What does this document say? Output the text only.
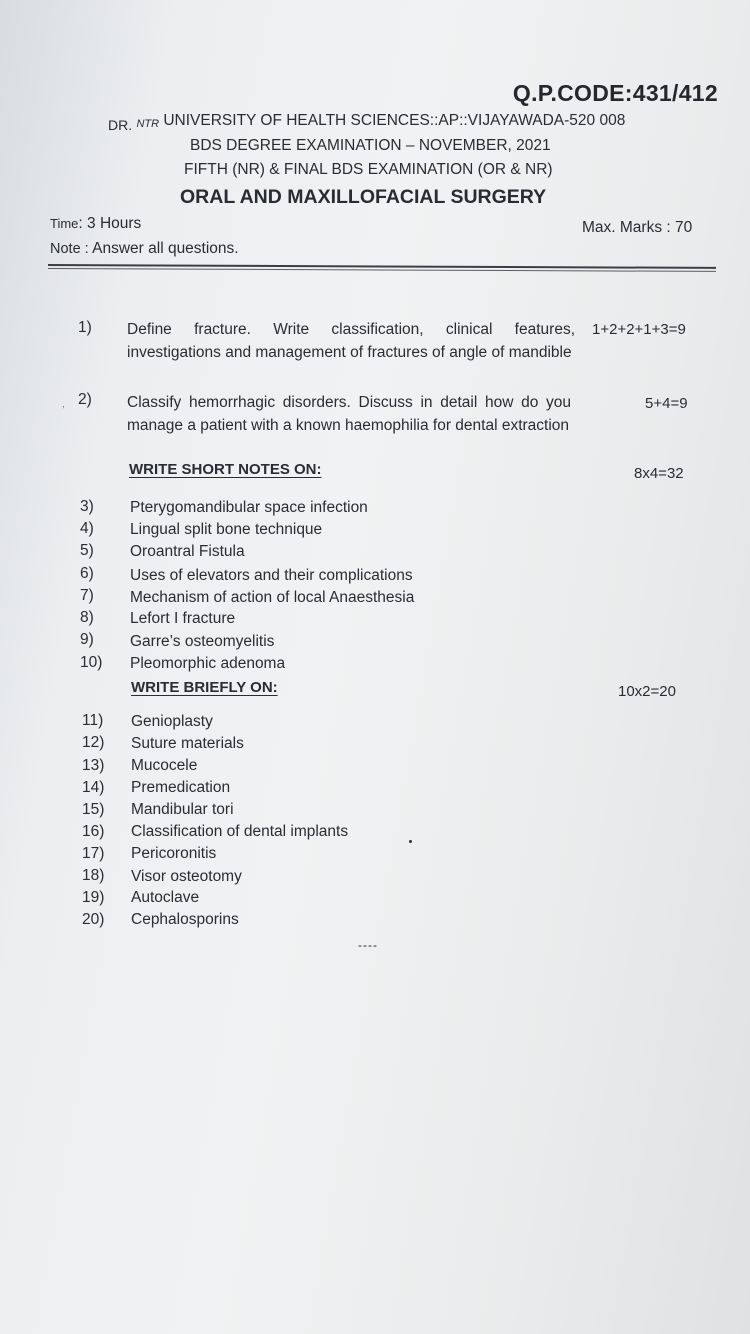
Q.P.CODE:431/412
DR. NTR UNIVERSITY OF HEALTH SCIENCES::AP::VIJAYAWADA-520 008
BDS DEGREE EXAMINATION – NOVEMBER, 2021
FIFTH (NR) & FINAL BDS EXAMINATION (OR & NR)
ORAL AND MAXILLOFACIAL SURGERY
Time: 3 Hours	Max. Marks : 70
Note : Answer all questions.
1) Define fracture. Write classification, clinical features, investigations and management of fractures of angle of mandible
1+2+2+1+3=9
, 2) Classify hemorrhagic disorders. Discuss in detail how do you manage a patient with a known haemophilia for dental extraction
5+4=9
WRITE SHORT NOTES ON:	8x4=32
3) Pterygomandibular space infection
4) Lingual split bone technique
5) Oroantral Fistula
6) Uses of elevators and their complications
7) Mechanism of action of local Anaesthesia
8) Lefort I fracture
9) Garre’s osteomyelitis
10) Pleomorphic adenoma
WRITE BRIEFLY ON:	10x2=20
11) Genioplasty
12) Suture materials
13) Mucocele
14) Premedication
15) Mandibular tori
16) Classification of dental implants
17) Pericoronitis
18) Visor osteotomy
19) Autoclave
20) Cephalosporins
----
